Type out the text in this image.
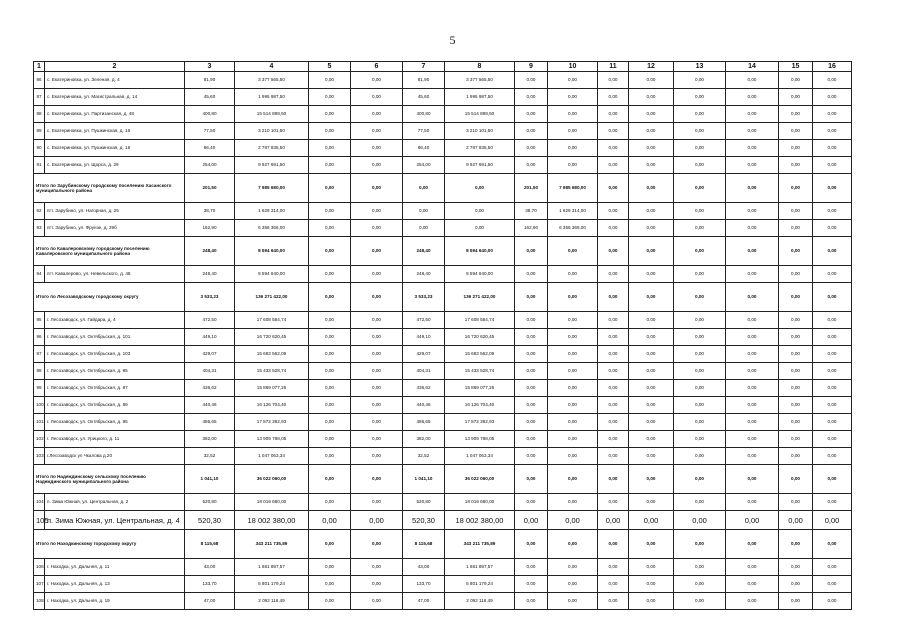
5
1	2	3	4	5	6	7	8	9	10	11	12	13	14	15	16
86	с. Екатериновка, ул. Зеленая, д. 4	81,90	3 377 565,50	0,00	0,00	81,90	3 377 565,50	0,00	0,00	0,00	0,00	0,00	0,00	0,00	0,00
87	с. Екатериновка, ул. Магистральная, д. 14	45,60	1 995 987,50	0,00	0,00	45,60	1 995 987,50	0,00	0,00	0,00	0,00	0,00	0,00	0,00	0,00
88	с. Екатериновка, ул. Партизанская, д. 48	400,80	15 514 899,50	0,00	0,00	400,80	15 514 899,50	0,00	0,00	0,00	0,00	0,00	0,00	0,00	0,00
89	с. Екатериновка, ул. Пушкинская, д. 16	77,50	3 210 101,50	0,00	0,00	77,50	3 210 101,50	0,00	0,00	0,00	0,00	0,00	0,00	0,00	0,00
90	с. Екатериновка, ул. Пушкинская, д. 18	66,40	2 787 835,50	0,00	0,00	66,40	2 787 835,50	0,00	0,00	0,00	0,00	0,00	0,00	0,00	0,00
91	с. Екатериновка, ул. Щорса, д. 29	254,00	9 927 691,50	0,00	0,00	254,00	9 927 691,50	0,00	0,00	0,00	0,00	0,00	0,00	0,00	0,00
Итого по Зарубинскому городскому поселению Хасанского муниципального района		201,50	7 985 680,00	0,00	0,00	0,00	0,00	201,50	7 985 680,00	0,00	0,00	0,00	0,00	0,00	0,00
92	пгт. Зарубино, ул. Нагорная, д. 25	38,70	1 629 314,00	0,00	0,00	0,00	0,00	38,70	1 629 314,00	0,00	0,00	0,00	0,00	0,00	0,00
93	пгт. Зарубино, ул. Фрунзе, д. 29б	162,90	6 356 366,00	0,00	0,00	0,00	0,00	162,90	6 356 366,00	0,00	0,00	0,00	0,00	0,00	0,00
Итого по Кавалеровскому городскому поселению Кавалеровского муниципального района		248,40	8 594 640,00	0,00	0,00	248,40	8 594 640,00	0,00	0,00	0,00	0,00	0,00	0,00	0,00	0,00
94	пгт. Кавалерово, ул. Невельского, д. 48	248,40	8 594 640,00	0,00	0,00	248,40	8 594 640,00	0,00	0,00	0,00	0,00	0,00	0,00	0,00	0,00
Итого по Лесозаводскому городскому округу		3 533,23	136 271 422,00	0,00	0,00	3 533,23	136 271 422,00	0,00	0,00	0,00	0,00	0,00	0,00	0,00	0,00
95	г. Лесозаводск, ул. Гайдара, д. 4	472,50	17 608 584,74	0,00	0,00	472,50	17 608 584,74	0,00	0,00	0,00	0,00	0,00	0,00	0,00	0,00
96	г. Лесозаводск, ул. Октябрьская, д. 101	449,10	16 720 620,45	0,00	0,00	449,10	16 720 620,45	0,00	0,00	0,00	0,00	0,00	0,00	0,00	0,00
97	г. Лесозаводск, ул. Октябрьская, д. 103	429,07	15 683 562,09	0,00	0,00	429,07	15 683 562,09	0,00	0,00	0,00	0,00	0,00	0,00	0,00	0,00
98	г. Лесозаводск, ул. Октябрьская, д. 85	404,31	15 433 528,74	0,00	0,00	404,31	15 433 528,74	0,00	0,00	0,00	0,00	0,00	0,00	0,00	0,00
99	г. Лесозаводск, ул. Октябрьская, д. 87	436,62	15 869 077,26	0,00	0,00	436,62	15 869 077,26	0,00	0,00	0,00	0,00	0,00	0,00	0,00	0,00
100	г. Лесозаводск, ул. Октябрьская, д. 89	440,46	16 126 704,40	0,00	0,00	440,46	16 126 704,40	0,00	0,00	0,00	0,00	0,00	0,00	0,00	0,00
101	г. Лесозаводск, ул. Октябрьская, д. 95	486,65	17 872 392,93	0,00	0,00	486,65	17 872 392,93	0,00	0,00	0,00	0,00	0,00	0,00	0,00	0,00
102	г. Лесозаводск, ул. Урицкого, д. 11	382,00	13 909 788,05	0,00	0,00	382,00	13 909 788,05	0,00	0,00	0,00	0,00	0,00	0,00	0,00	0,00
103	г.Лесозаводск ул Чкалова д.20	32,52	1 047 063,34	0,00	0,00	32,52	1 047 063,34	0,00	0,00	0,00	0,00	0,00	0,00	0,00	0,00
Итого по Надеждинскому сельскому поселению Надеждинского муниципального района		1 041,10	36 022 060,00	0,00	0,00	1 041,10	36 022 060,00	0,00	0,00	0,00	0,00	0,00	0,00	0,00	0,00
104	п. Зима Южная, ул. Центральная, д. 2	520,80	18 019 680,00	0,00	0,00	520,80	18 019 680,00	0,00	0,00	0,00	0,00	0,00	0,00	0,00	0,00
105	п. Зима Южная, ул. Центральная, д. 4	520,30	18 002 380,00	0,00	0,00	520,30	18 002 380,00	0,00	0,00	0,00	0,00	0,00	0,00	0,00	0,00
Итого по Находкинскому городскому округу		8 115,68	343 211 735,89	0,00	0,00	8 115,68	343 211 735,89	0,00	0,00	0,00	0,00	0,00	0,00	0,00	0,00
106	г. Находка, ул. Дальняя, д. 11	43,00	1 681 897,57	0,00	0,00	43,00	1 681 897,57	0,00	0,00	0,00	0,00	0,00	0,00	0,00	0,00
107	г. Находка, ул. Дальняя, д. 13	133,70	5 801 179,24	0,00	0,00	133,70	5 801 179,24	0,00	0,00	0,00	0,00	0,00	0,00	0,00	0,00
108	г. Находка, ул. Дальняя, д. 19	47,00	2 092 116,49	0,00	0,00	47,00	2 092 116,49	0,00	0,00	0,00	0,00	0,00	0,00	0,00	0,00
